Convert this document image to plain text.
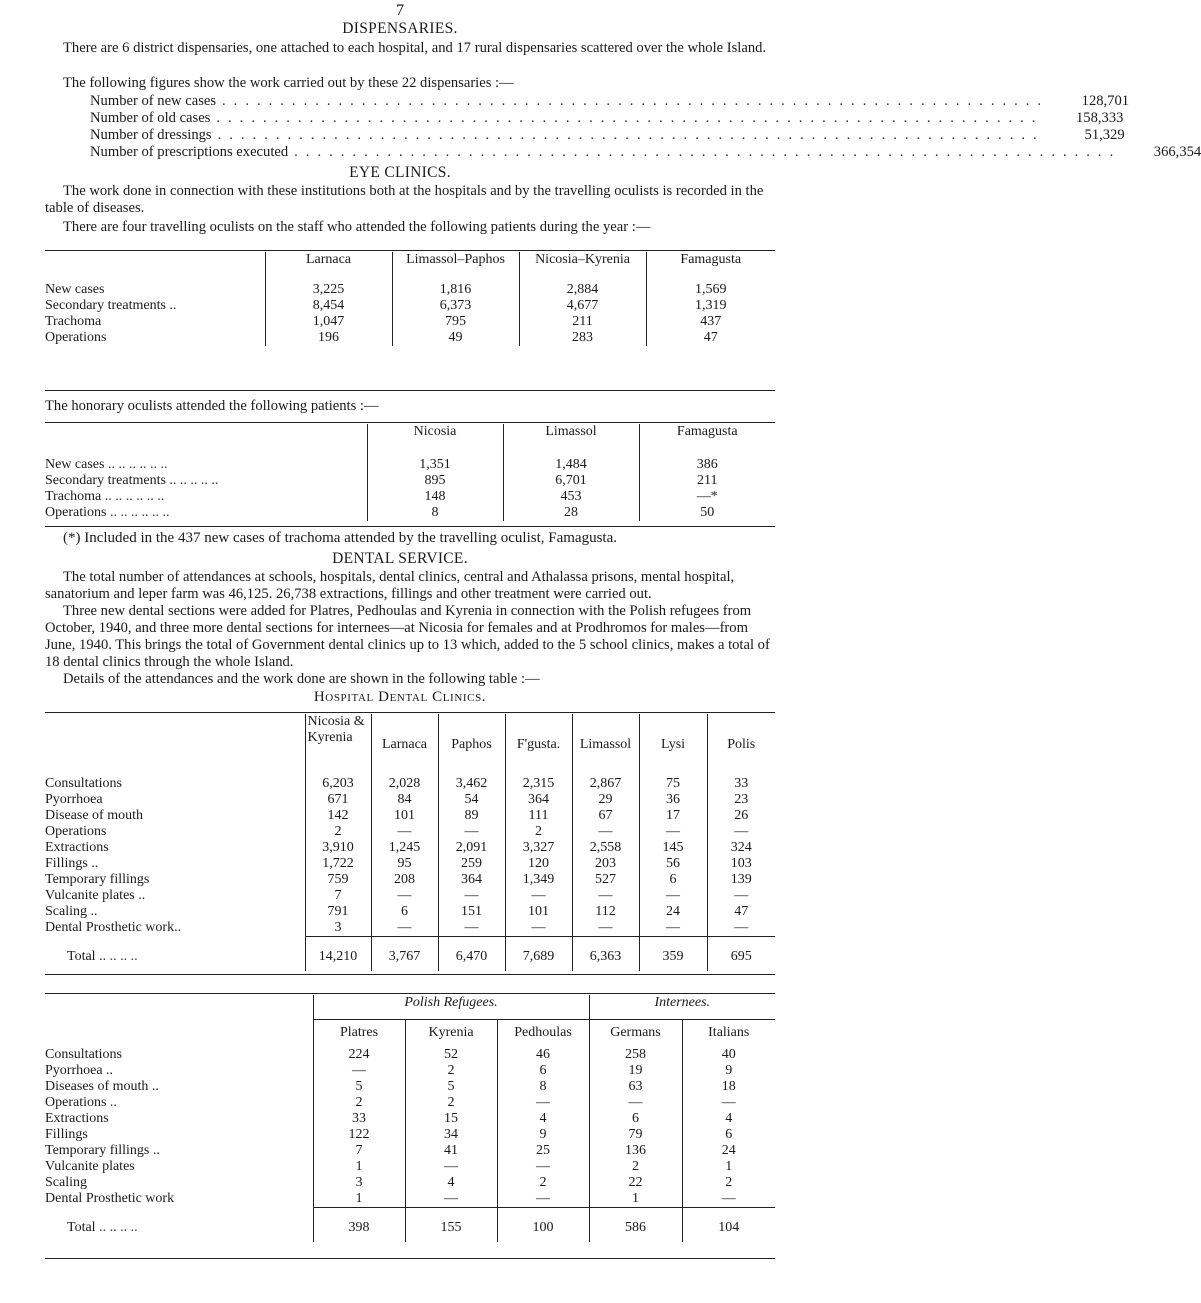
7
DISPENSARIES.
There are 6 district dispensaries, one attached to each hospital, and 17 rural dispensaries scattered over the whole Island.
The following figures show the work carried out by these 22 dispensaries :—
Number of new cases .......................................................................	128,701
Number of old cases .......................................................................	158,333
Number of dressings .......................................................................	51,329
Number of prescriptions executed .......................................................................	366,354
EYE CLINICS.
The work done in connection with these institutions both at the hospitals and by the travelling oculists is recorded in the table of diseases.
There are four travelling oculists on the staff who attended the following patients during the year :—
	Larnaca	Limassol–Paphos	Nicosia–Kyrenia	Famagusta
New cases	3,225	1,816	2,884	1,569
Secondary treatments ..	8,454	6,373	4,677	1,319
Trachoma	1,047	795	211	437
Operations	196	49	283	47
The honorary oculists attended the following patients :—
	Nicosia	Limassol	Famagusta
New cases .. .. .. .. .. ..	1,351	1,484	386
Secondary treatments .. .. .. .. ..	895	6,701	211
Trachoma .. .. .. .. .. ..	148	453	—*
Operations .. .. .. .. .. ..	8	28	50
(*) Included in the 437 new cases of trachoma attended by the travelling oculist, Famagusta.
DENTAL SERVICE.
The total number of attendances at schools, hospitals, dental clinics, central and Athalassa prisons, mental hospital, sanatorium and leper farm was 46,125. 26,738 extractions, fillings and other treatment were carried out.
Three new dental sections were added for Platres, Pedhoulas and Kyrenia in connection with the Polish refugees from October, 1940, and three more dental sections for internees—at Nicosia for females and at Prodhromos for males—from June, 1940. This brings the total of Government dental clinics up to 13 which, added to the 5 school clinics, makes a total of 18 dental clinics through the whole Island.
Details of the attendances and the work done are shown in the following table :—
Hospital Dental Clinics.
	Nicosia & Kyrenia	Larnaca	Paphos	F'gusta.	Limassol	Lysi	Polis
Consultations	6,203	2,028	3,462	2,315	2,867	75	33
Pyorrhoea	671	84	54	364	29	36	23
Disease of mouth	142	101	89	111	67	17	26
Operations	2	—	—	2	—	—	—
Extractions	3,910	1,245	2,091	3,327	2,558	145	324
Fillings ..	1,722	95	259	120	203	56	103
Temporary fillings	759	208	364	1,349	527	6	139
Vulcanite plates ..	7	—	—	—	—	—	—
Scaling ..	791	6	151	101	112	24	47
Dental Prosthetic work..	3	—	—	—	—	—	—
Total .. .. .. ..	14,210	3,767	6,470	7,689	6,363	359	695
	Polish Refugees.			Internees.	
	Platres	Kyrenia	Pedhoulas	Germans	Italians
Consultations	224	52	46	258	40
Pyorrhoea ..	—	2	6	19	9
Diseases of mouth ..	5	5	8	63	18
Operations ..	2	2	—	—	—
Extractions	33	15	4	6	4
Fillings	122	34	9	79	6
Temporary fillings ..	7	41	25	136	24
Vulcanite plates	1	—	—	2	1
Scaling	3	4	2	22	2
Dental Prosthetic work	1	—	—	1	—
Total .. .. .. ..	398	155	100	586	104
